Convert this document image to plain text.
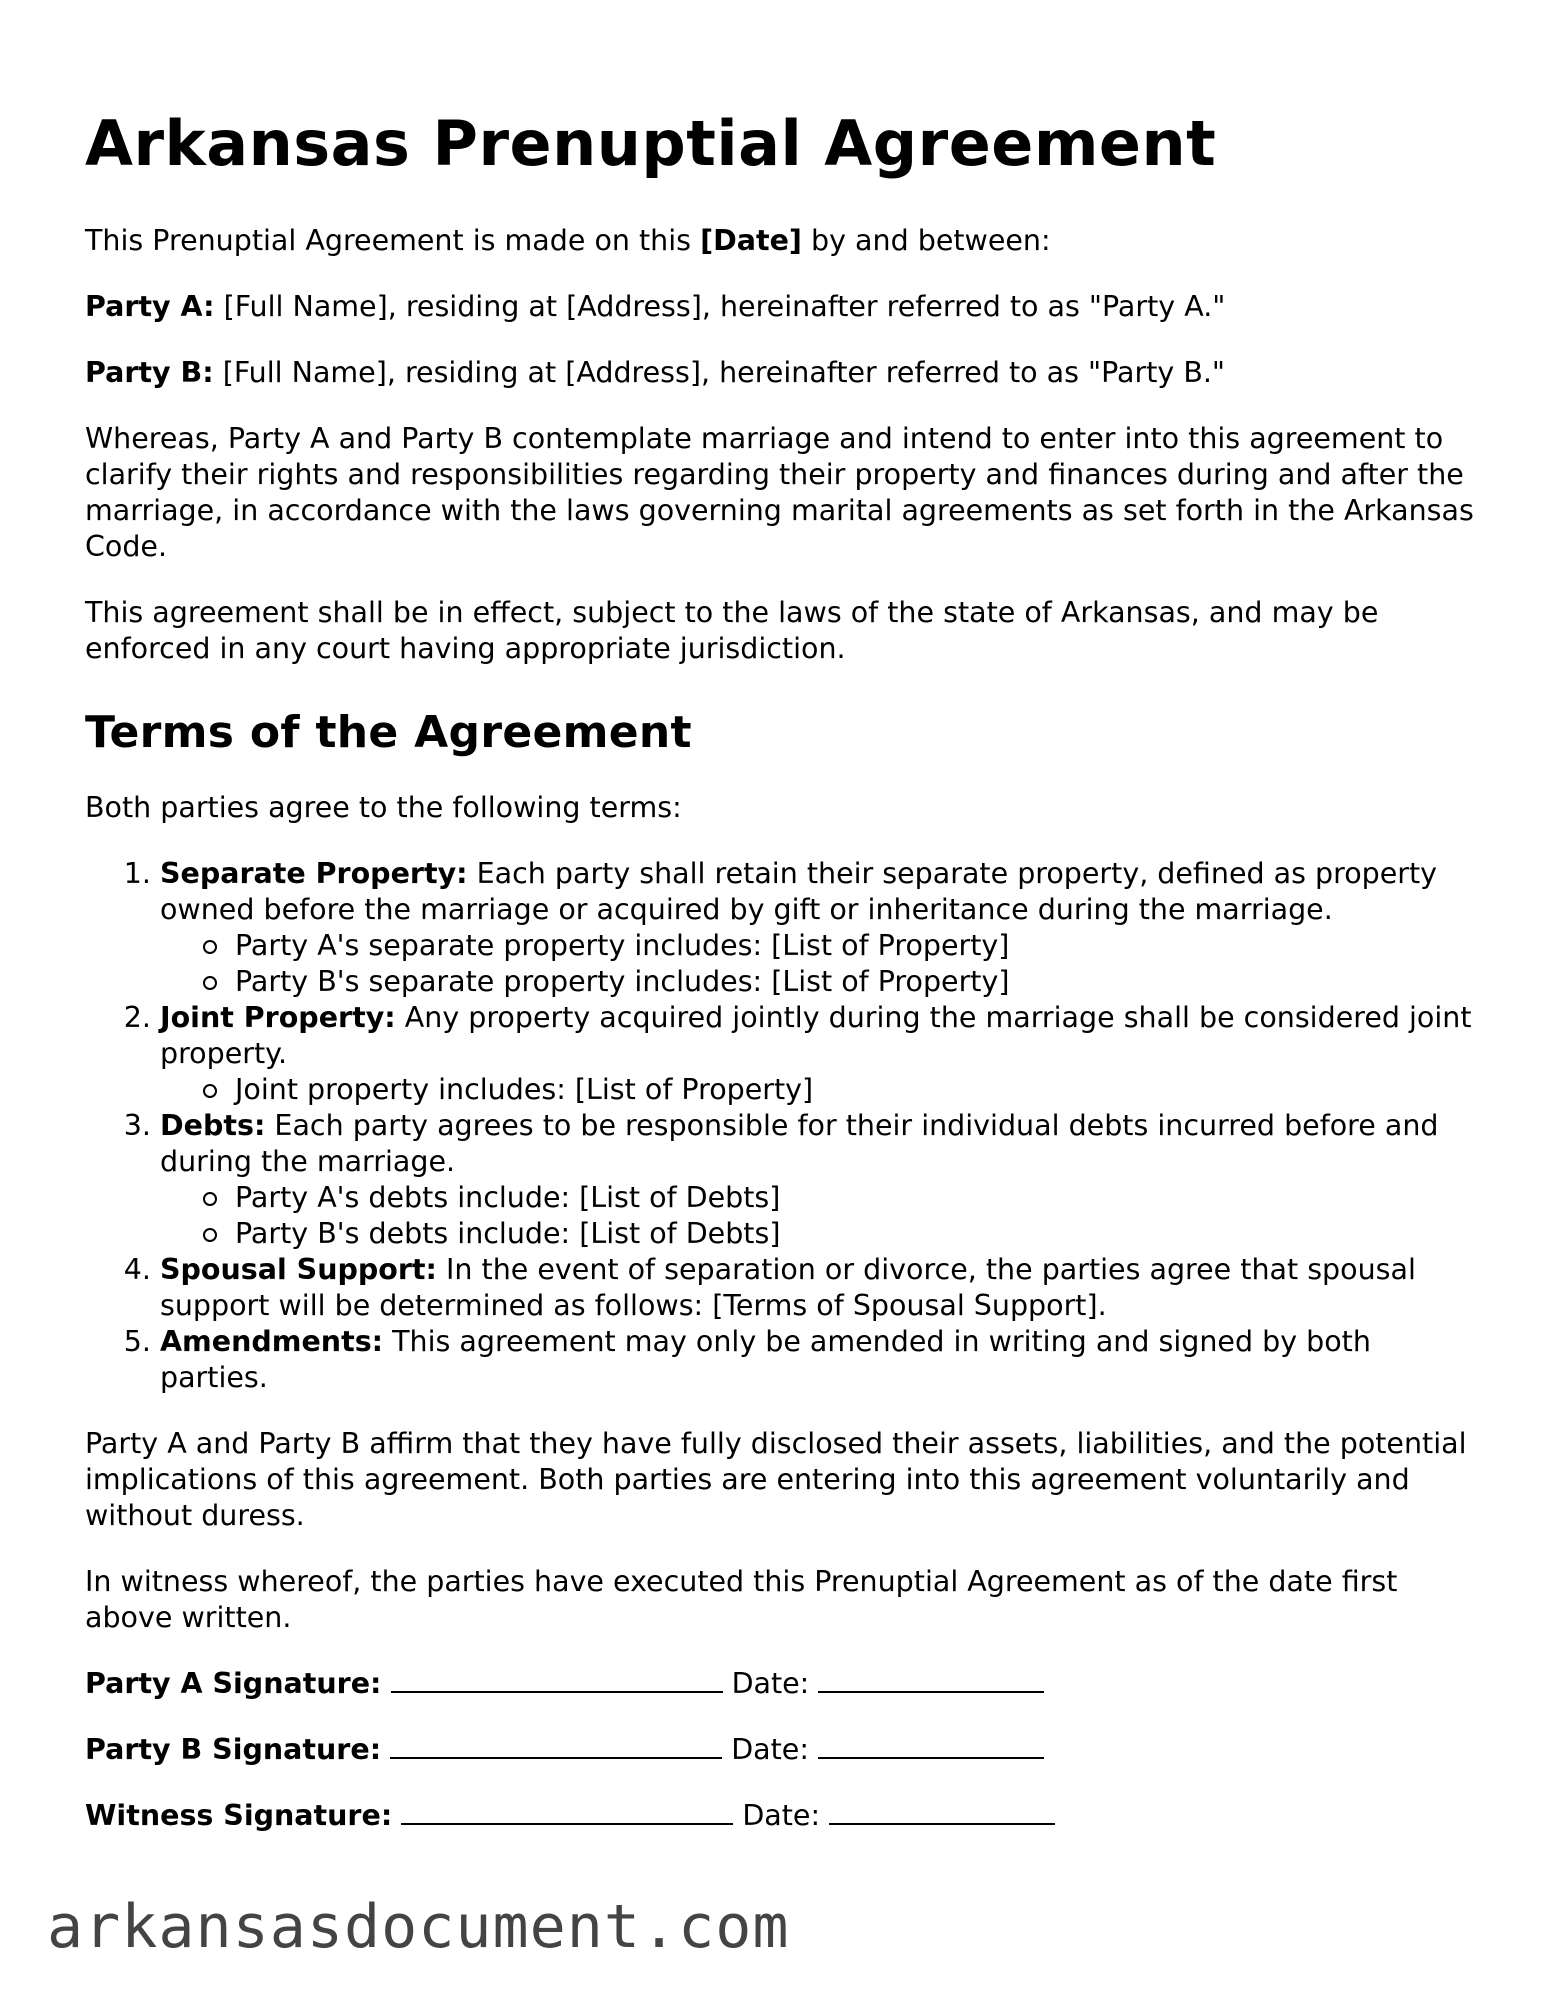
Arkansas Prenuptial Agreement

This Prenuptial Agreement is made on this [Date] by and between:

Party A: [Full Name], residing at [Address], hereinafter referred to as "Party A."

Party B: [Full Name], residing at [Address], hereinafter referred to as "Party B."

Whereas, Party A and Party B contemplate marriage and intend to enter into this agreement to clarify their rights and responsibilities regarding their property and finances during and after the marriage, in accordance with the laws governing marital agreements as set forth in the Arkansas Code.

This agreement shall be in effect, subject to the laws of the state of Arkansas, and may be enforced in any court having appropriate jurisdiction.

Terms of the Agreement

Both parties agree to the following terms:

1. Separate Property: Each party shall retain their separate property, defined as property owned before the marriage or acquired by gift or inheritance during the marriage.
Party A's separate property includes: [List of Property]
Party B's separate property includes: [List of Property]
2. Joint Property: Any property acquired jointly during the marriage shall be considered joint property.
Joint property includes: [List of Property]
3. Debts: Each party agrees to be responsible for their individual debts incurred before and during the marriage.
Party A's debts include: [List of Debts]
Party B's debts include: [List of Debts]
4. Spousal Support: In the event of separation or divorce, the parties agree that spousal support will be determined as follows: [Terms of Spousal Support].
5. Amendments: This agreement may only be amended in writing and signed by both parties.

Party A and Party B affirm that they have fully disclosed their assets, liabilities, and the potential implications of this agreement. Both parties are entering into this agreement voluntarily and without duress.

In witness whereof, the parties have executed this Prenuptial Agreement as of the date first above written.

Party A Signature:	Date:
Party B Signature:	Date:
Witness Signature:	Date:
arkansasdocument.com
